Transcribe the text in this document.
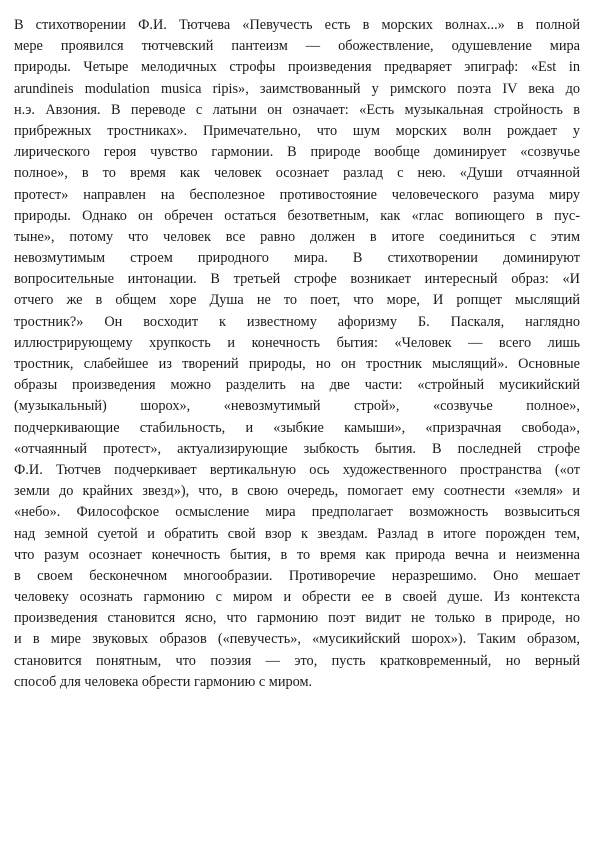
В стихотворении Ф.И. Тютчева «Певучесть есть в морских волнах...» в полной
мере проявился тютчевский пантеизм — обожествление, одушевление мира
природы. Четыре мелодичных строфы произведения предваряет эпиграф: «Est in
arundineis modulation musica ripis», заимствованный у римского поэта IV века до
н.э. Авзония. В переводе с латыни он означает: «Есть музыкальная стройность в
прибрежных тростниках». Примечательно, что шум морских волн рождает у
лирического героя чувство гармонии. В природе вообще доминирует «созвучье
полное», в то время как человек осознает разлад с нею. «Души отчаянной
протест» направлен на бесполезное противостояние человеческого разума миру
природы. Однако он обречен остаться безответным, как «глас вопиющего в пус-
тыне», потому что человек все равно должен в итоге соединиться с этим
невозмутимым строем природного мира. В стихотворении доминируют
вопросительные интонации. В третьей строфе возникает интересный образ: «И
отчего же в общем хоре Душа не то поет, что море, И ропщет мыслящий
тростник?» Он восходит к известному афоризму Б. Паскаля, наглядно
иллюстрирующему хрупкость и конечность бытия: «Человек — всего лишь
тростник, слабейшее из творений природы, но он тростник мыслящий». Основные
образы произведения можно разделить на две части: «стройный мусикийский
(музыкальный) шорох», «невозмутимый строй», «созвучье полное»,
подчеркивающие стабильность, и «зыбкие камыши», «призрачная свобода»,
«отчаянный протест», актуализирующие зыбкость бытия. В последней строфе
Ф.И. Тютчев подчеркивает вертикальную ось художественного пространства («от
земли до крайних звезд»), что, в свою очередь, помогает ему соотнести «земля» и
«небо». Философское осмысление мира предполагает возможность возвыситься
над земной суетой и обратить свой взор к звездам. Разлад в итоге порожден тем,
что разум осознает конечность бытия, в то время как природа вечна и неизменна
в своем бесконечном многообразии. Противоречие неразрешимо. Оно мешает
человеку осознать гармонию с миром и обрести ее в своей душе. Из контекста
произведения становится ясно, что гармонию поэт видит не только в природе, но
и в мире звуковых образов («певучесть», «мусикийский шорох»). Таким образом,
становится понятным, что поэзия — это, пусть кратковременный, но верный
способ для человека обрести гармонию с миром.
